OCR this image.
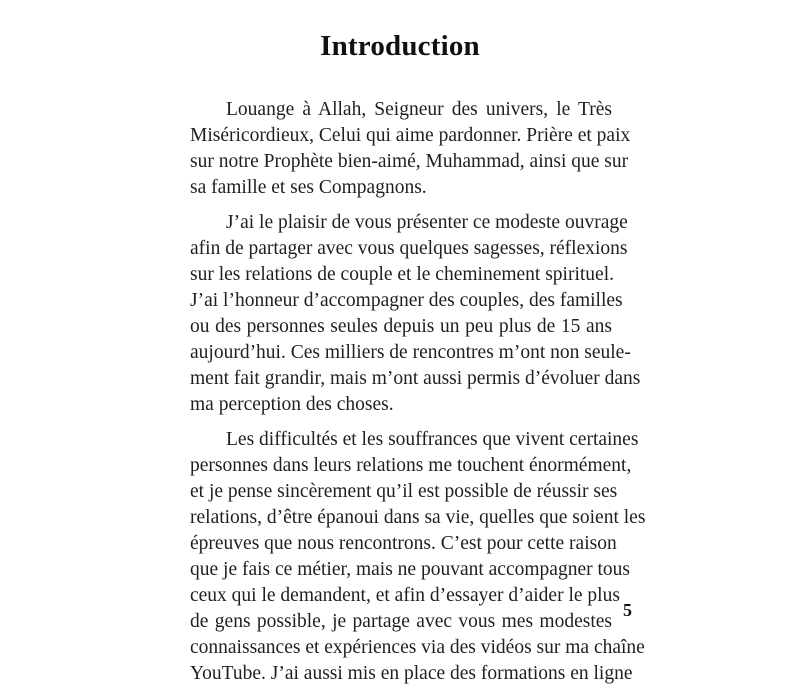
Introduction

Louange à Allah, Seigneur des univers, le Très
Miséricordieux, Celui qui aime pardonner. Prière et paix
sur notre Prophète bien-aimé, Muhammad, ainsi que sur
sa famille et ses Compagnons.

J’ai le plaisir de vous présenter ce modeste ouvrage
afin de partager avec vous quelques sagesses, réflexions
sur les relations de couple et le cheminement spirituel.
J’ai l’honneur d’accompagner des couples, des familles
ou des personnes seules depuis un peu plus de 15 ans
aujourd’hui. Ces milliers de rencontres m’ont non seule-
ment fait grandir, mais m’ont aussi permis d’évoluer dans
ma perception des choses.

Les difficultés et les souffrances que vivent certaines
personnes dans leurs relations me touchent énormément,
et je pense sincèrement qu’il est possible de réussir ses
relations, d’être épanoui dans sa vie, quelles que soient les
épreuves que nous rencontrons. C’est pour cette raison
que je fais ce métier, mais ne pouvant accompagner tous
ceux qui le demandent, et afin d’essayer d’aider le plus
de gens possible, je partage avec vous mes modestes
connaissances et expériences via des vidéos sur ma chaîne
YouTube. J’ai aussi mis en place des formations en ligne

5
